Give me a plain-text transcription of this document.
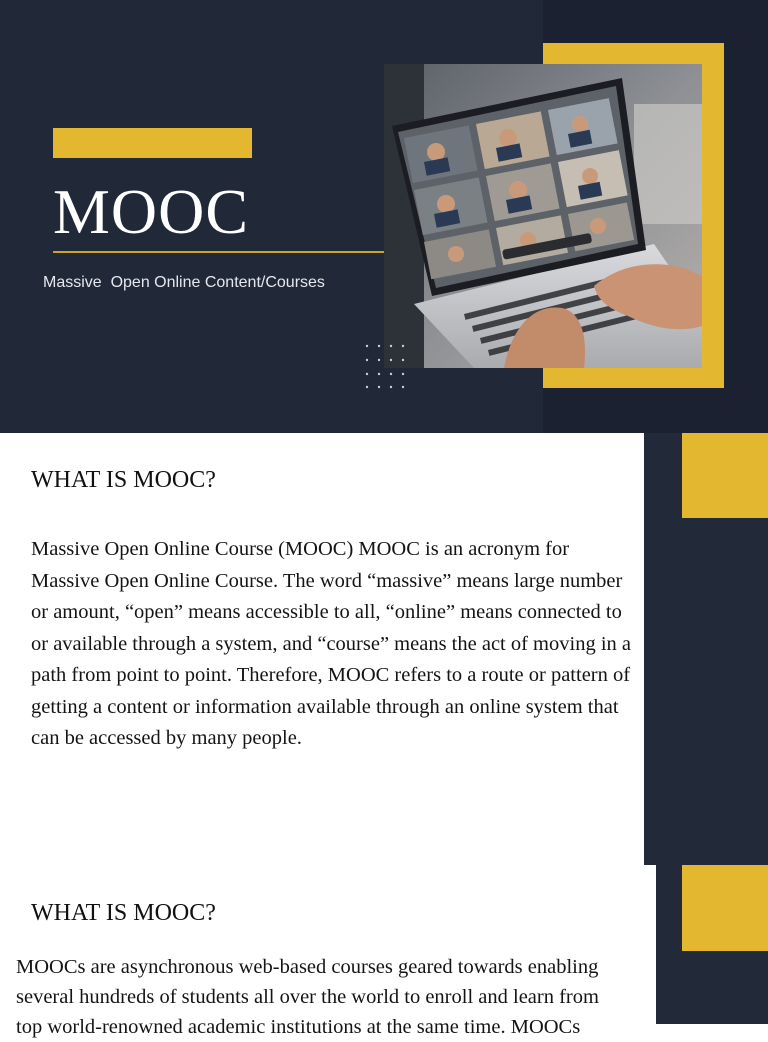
MOOC
Massive  Open Online Content/Courses
WHAT IS MOOC?
Massive Open Online Course (MOOC) MOOC is an acronym for Massive Open Online Course. The word “massive” means large number or amount, “open” means accessible to all, “online” means connected to or available through a system, and “course” means the act of moving in a path from point to point. Therefore, MOOC refers to a route or pattern of getting a content or information available through an online system that can be accessed by many people.
WHAT IS MOOC?
MOOCs are asynchronous web-based courses geared towards enabling several hundreds of students all over the world to enroll and learn from top world-renowned academic institutions at the same time. MOOCs
